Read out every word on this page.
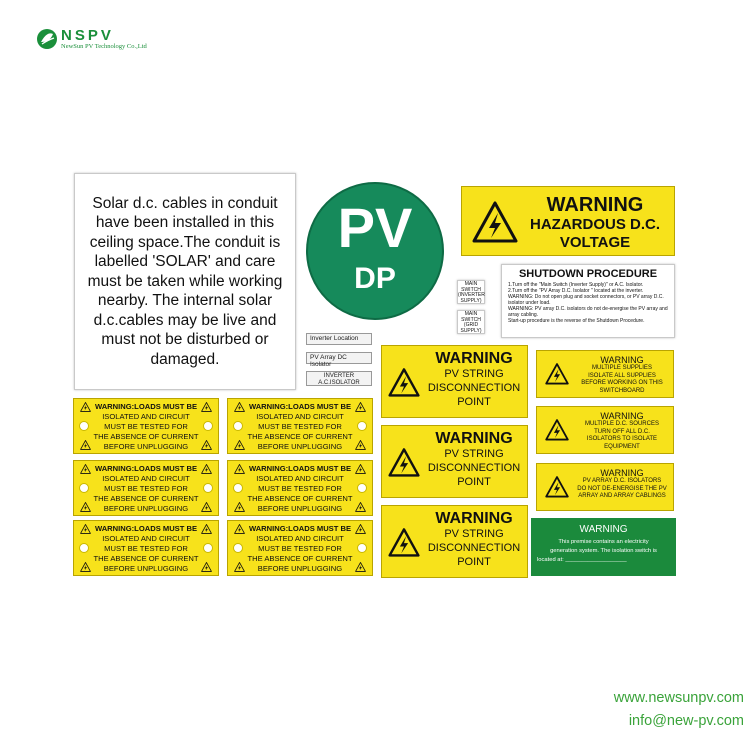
NSPV
NewSun PV Technology Co.,Ltd
Solar d.c. cables in conduit have been installed in this ceiling space.The conduit is labelled 'SOLAR' and care must be taken while working nearby. The internal solar d.c.cables may be live and must not be disturbed or damaged.
PV
DP
WARNING
HAZARDOUS D.C.
VOLTAGE
SHUTDOWN PROCEDURE
1.Turn off the "Main Switch (Inverter Supply)" or A.C. Isolator.
2.Turn off the "PV Array D.C. Isolator " located at the inverter.
WARNING: Do not open plug and socket connectors, or PV array D.C. isolator under load.
WARNING: PV array D.C. isolators do not de-energise the PV array and array cabling.
Start-up procedure is the reverse of the Shutdown Procedure.
MAIN
SWITCH
(INVERTER
SUPPLY)
MAIN
SWITCH
(GRID
SUPPLY)
Inverter Location
PV Array DC Isolator
INVERTER
A.C.ISOLATOR
WARNING:LOADS MUST BE
ISOLATED AND CIRCUIT
MUST BE TESTED FOR
THE ABSENCE OF CURRENT
BEFORE UNPLUGGING
WARNING:LOADS MUST BE
ISOLATED AND CIRCUIT
MUST BE TESTED FOR
THE ABSENCE OF CURRENT
BEFORE UNPLUGGING
WARNING:LOADS MUST BE
ISOLATED AND CIRCUIT
MUST BE TESTED FOR
THE ABSENCE OF CURRENT
BEFORE UNPLUGGING
WARNING:LOADS MUST BE
ISOLATED AND CIRCUIT
MUST BE TESTED FOR
THE ABSENCE OF CURRENT
BEFORE UNPLUGGING
WARNING:LOADS MUST BE
ISOLATED AND CIRCUIT
MUST BE TESTED FOR
THE ABSENCE OF CURRENT
BEFORE UNPLUGGING
WARNING:LOADS MUST BE
ISOLATED AND CIRCUIT
MUST BE TESTED FOR
THE ABSENCE OF CURRENT
BEFORE UNPLUGGING
WARNING
PV STRING
DISCONNECTION
POINT
WARNING
PV STRING
DISCONNECTION
POINT
WARNING
PV STRING
DISCONNECTION
POINT
WARNING
MULTIPLE SUPPLIES
ISOLATE ALL SUPPLIES
BEFORE WORKING ON THIS
SWITCHBOARD
WARNING
MULTIPLE D.C. SOURCES
TURN OFF ALL D.C.
ISOLATORS TO ISOLATE
EQUIPMENT
WARNING
PV ARRAY D.C. ISOLATORS
DO NOT DE-ENERGISE THE PV
ARRAY AND ARRAY CABLINGS
WARNING
This premise contains an electricity
generation system. The isolation switch is
located at: ___________________
www.newsunpv.com
info@new-pv.com
